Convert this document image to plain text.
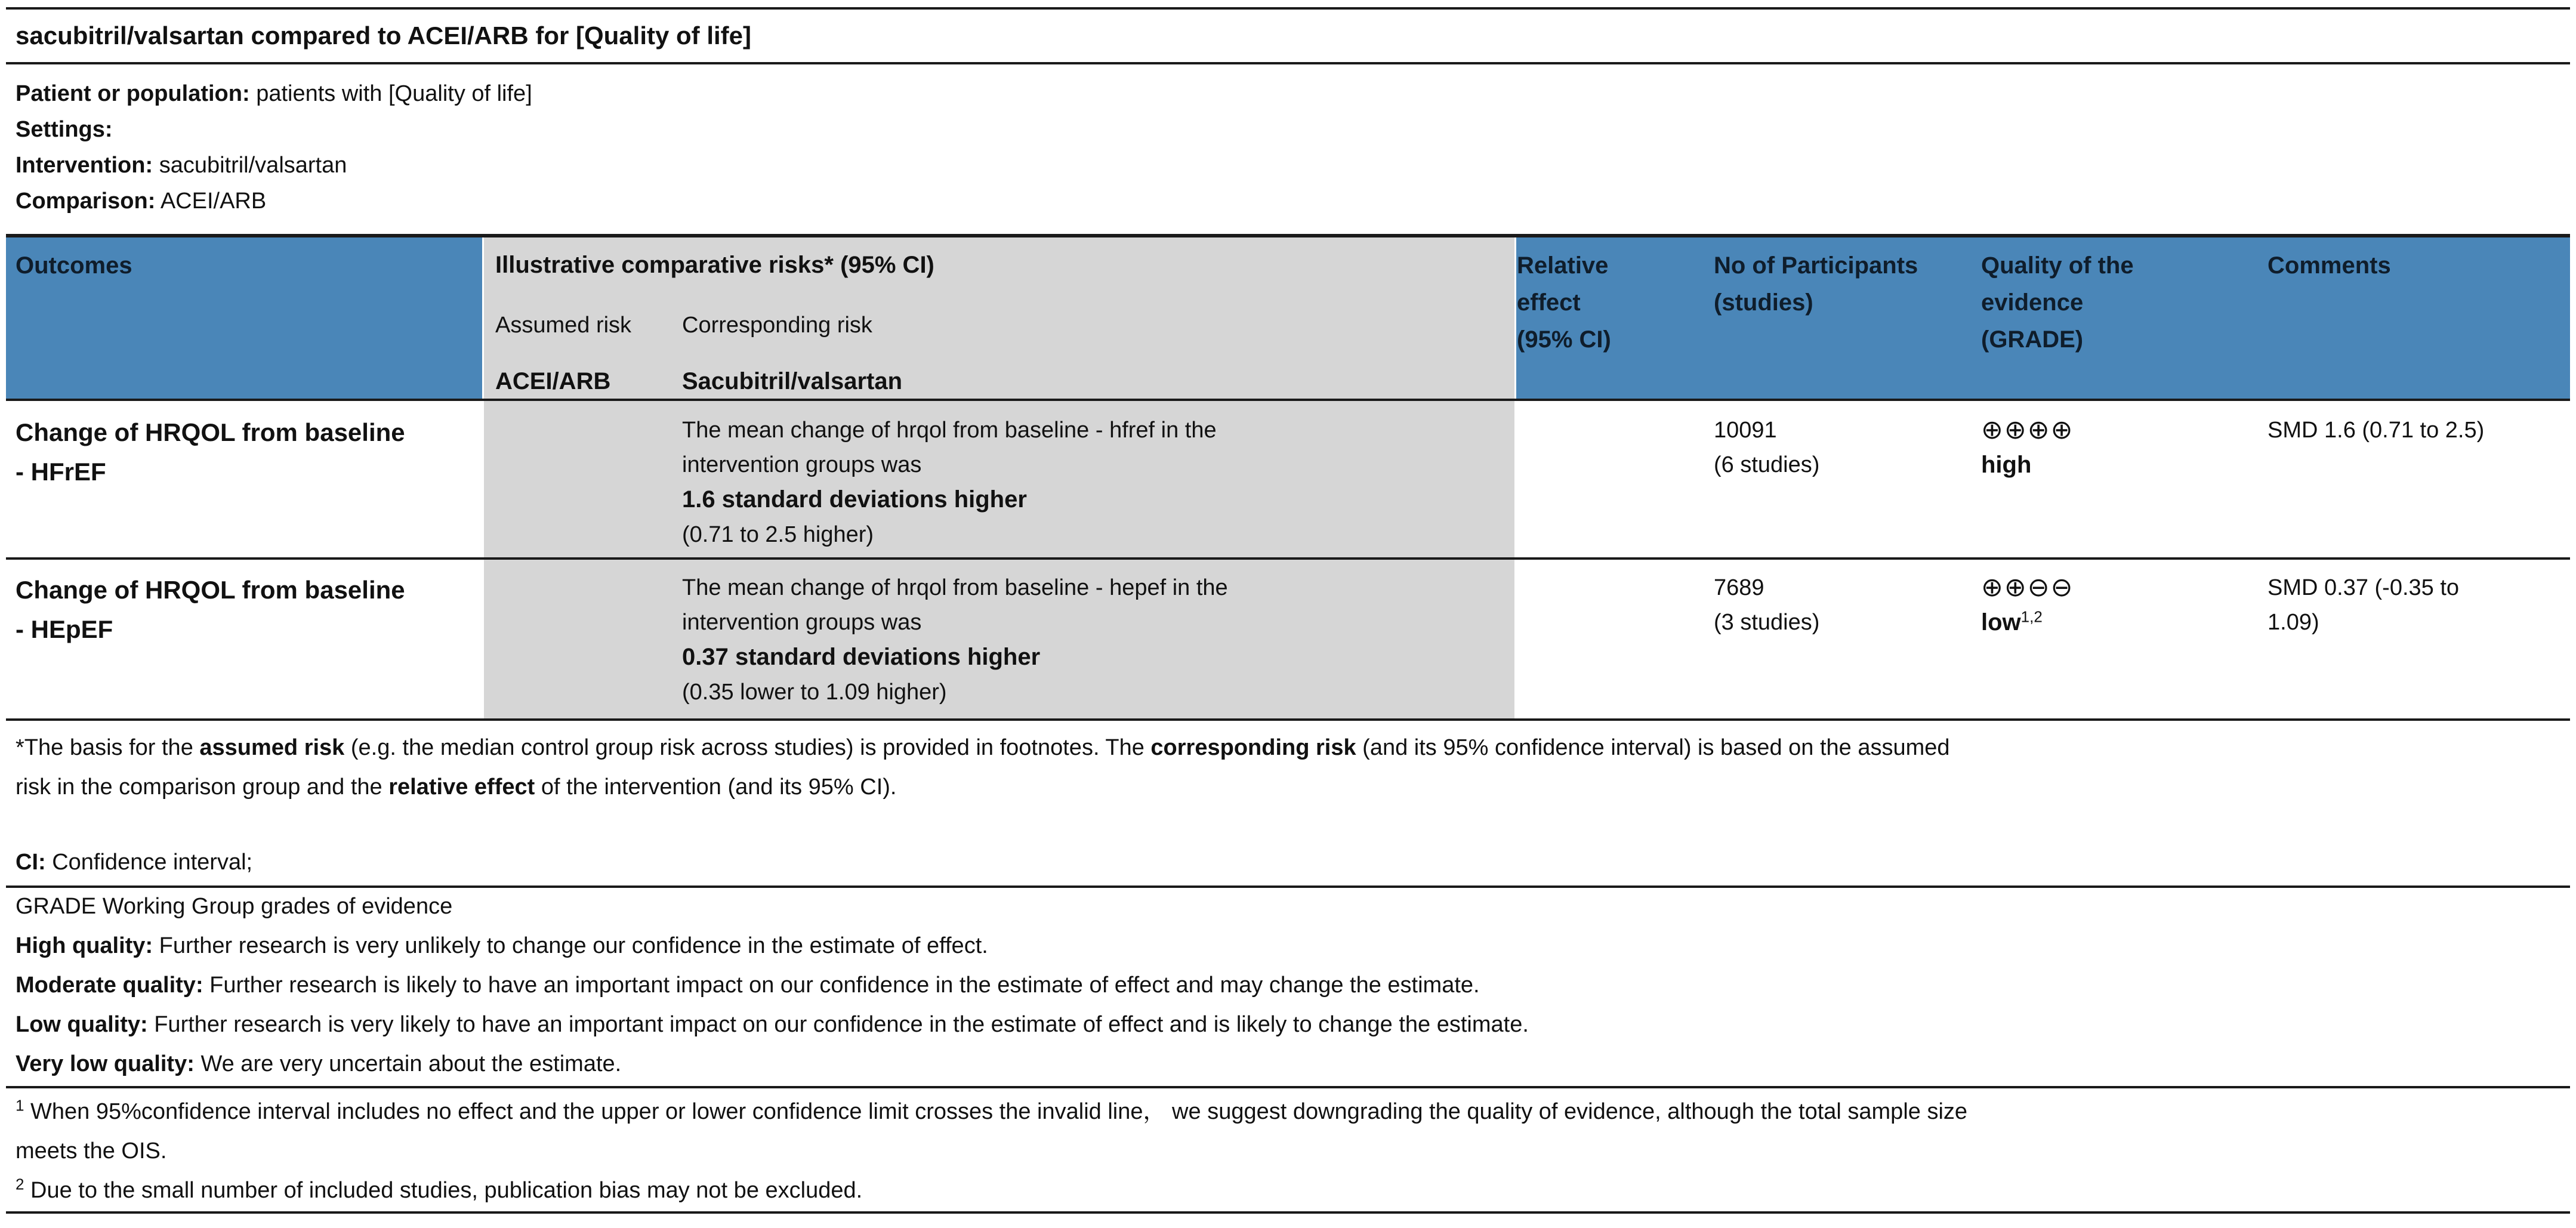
sacubitril/valsartan compared to ACEI/ARB for [Quality of life]
Patient or population: patients with [Quality of life]
Settings:
Intervention: sacubitril/valsartan
Comparison: ACEI/ARB
Outcomes	Illustrative comparative risks* (95% CI)
Assumed risk Corresponding risk
ACEI/ARB	Sacubitril/valsartan
Relative
effect
(95% CI)
No of Participants
(studies)
Quality of the
evidence
(GRADE)
Comments
Change of HRQOL from baseline
- HFrEF
The mean change of hrqol from baseline - hfref in the
intervention groups was
1.6 standard deviations higher
(0.71 to 2.5 higher)
10091
(6 studies)
⊕⊕⊕⊕
high
SMD 1.6 (0.71 to 2.5)
Change of HRQOL from baseline
- HEpEF
The mean change of hrqol from baseline - hepef in the
intervention groups was
0.37 standard deviations higher
(0.35 lower to 1.09 higher)
7689
(3 studies)
⊕⊕⊖⊖
low$^{1,2}$
SMD 0.37 (-0.35 to
1.09)
*The basis for the assumed risk (e.g. the median control group risk across studies) is provided in footnotes. The corresponding risk (and its 95% confidence interval) is based on the assumed
risk in the comparison group and the relative effect of the intervention (and its 95% CI).
CI: Confidence interval;
GRADE Working Group grades of evidence
High quality: Further research is very unlikely to change our confidence in the estimate of effect.
Moderate quality: Further research is likely to have an important impact on our confidence in the estimate of effect and may change the estimate.
Low quality: Further research is very likely to have an important impact on our confidence in the estimate of effect and is likely to change the estimate.
Very low quality: We are very uncertain about the estimate.
$^1$ When 95%confidence interval includes no effect and the upper or lower confidence limit crosses the invalid line， we suggest downgrading the quality of evidence, although the total sample size
meets the OIS.
$^2$ Due to the small number of included studies, publication bias may not be excluded.
